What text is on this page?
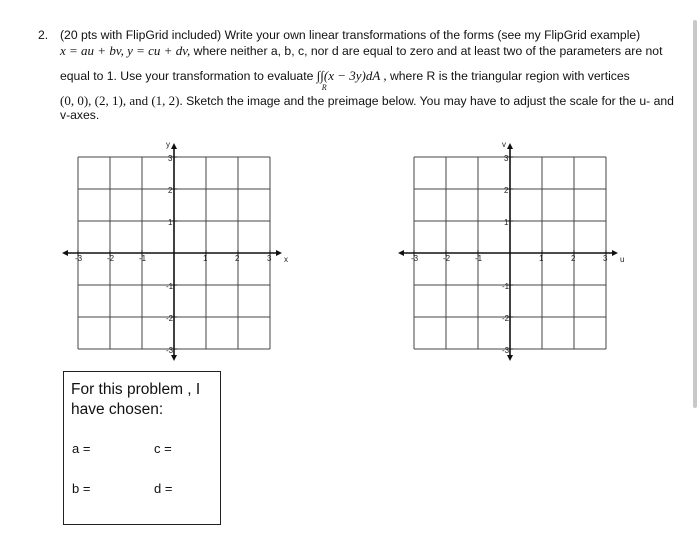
2. (20 pts with FlipGrid included) Write your own linear transformations of the forms (see my FlipGrid example)
x = au + bv, y = cu + dv, where neither a, b, c, nor d are equal to zero and at least two of the parameters are not
equal to 1. Use your transformation to evaluate ∫∫(x − 3y)dA ,
R
where R is the triangular region with vertices
(0, 0), (2, 1), and (1, 2). Sketch the image and the preimage below. You may have to adjust the scale for the u- and
v-axes.
-3	-2	-1	1	2	3
3
2
1
-1
-2
-3
x
y
-3	-2	-1	1	2	3
3
2
1
-1
-2
-3
u
v
For this problem , I have chosen:
a =	c =
b =	d =
